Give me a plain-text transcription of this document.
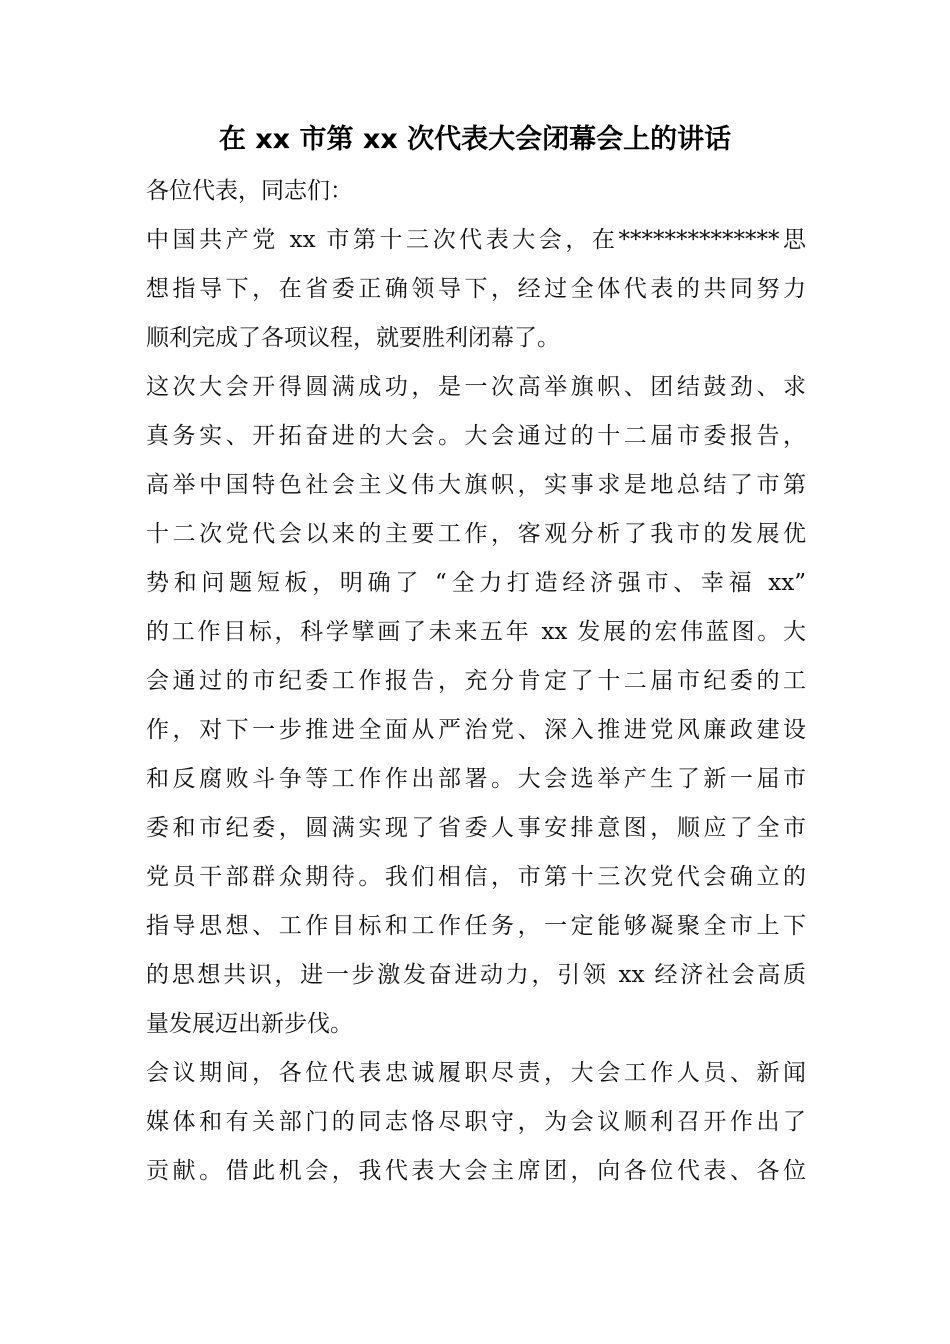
在 xx 市第 xx 次代表大会闭幕会上的讲话
各位代表，同志们：
中国共产党 xx 市第十三次代表大会，在**************思
想指导下，在省委正确领导下，经过全体代表的共同努力
顺利完成了各项议程，就要胜利闭幕了。
这次大会开得圆满成功，是一次高举旗帜、团结鼓劲、求
真务实、开拓奋进的大会。大会通过的十二届市委报告，
高举中国特色社会主义伟大旗帜，实事求是地总结了市第
十二次党代会以来的主要工作，客观分析了我市的发展优
势和问题短板，明确了 “全力打造经济强市、幸福 xx”
的工作目标，科学擘画了未来五年 xx 发展的宏伟蓝图。大
会通过的市纪委工作报告，充分肯定了十二届市纪委的工
作，对下一步推进全面从严治党、深入推进党风廉政建设
和反腐败斗争等工作作出部署。大会选举产生了新一届市
委和市纪委，圆满实现了省委人事安排意图，顺应了全市
党员干部群众期待。我们相信，市第十三次党代会确立的
指导思想、工作目标和工作任务，一定能够凝聚全市上下
的思想共识，进一步激发奋进动力，引领 xx 经济社会高质
量发展迈出新步伐。
会议期间，各位代表忠诚履职尽责，大会工作人员、新闻
媒体和有关部门的同志恪尽职守，为会议顺利召开作出了
贡献。借此机会，我代表大会主席团，向各位代表、各位
